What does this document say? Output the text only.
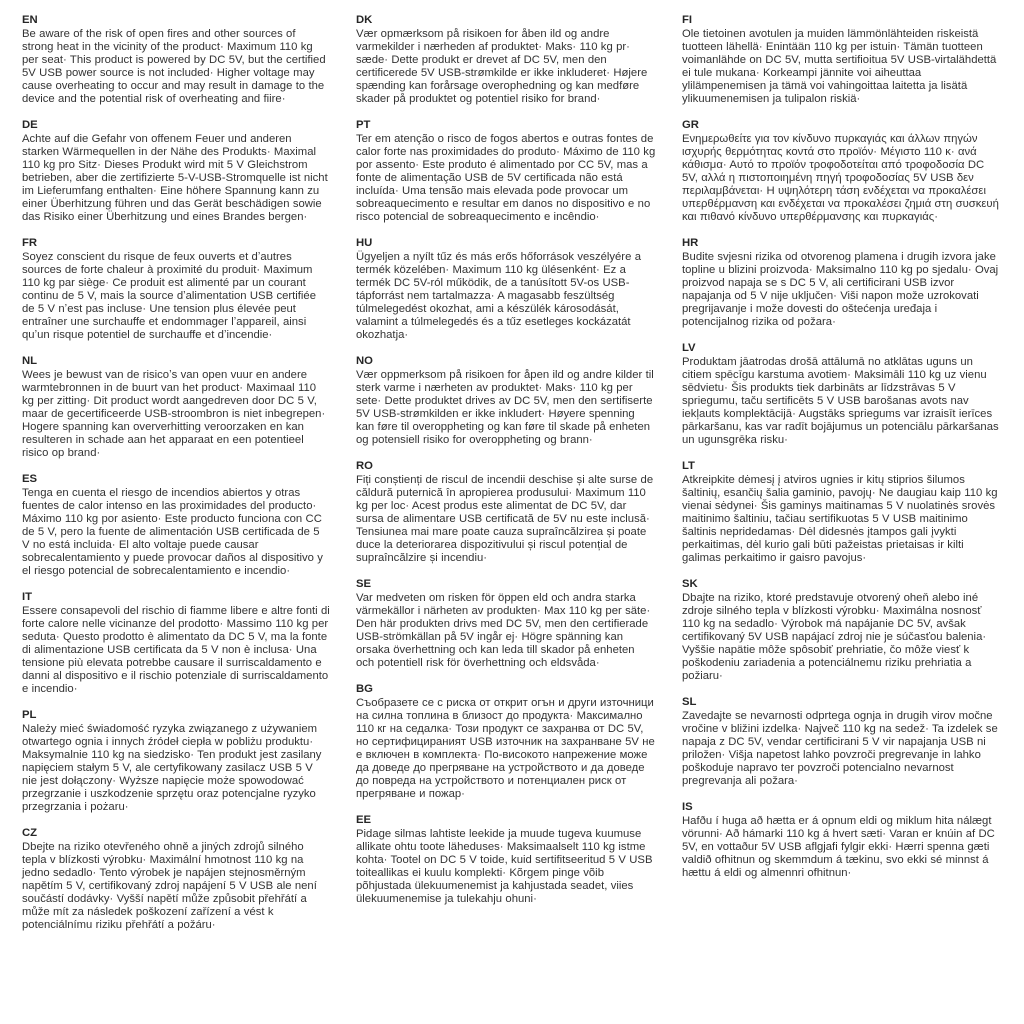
EN
Be aware of the risk of open fires and other sources of strong heat in the vicinity of the product· Maximum 110 kg per seat· This product is powered by DC 5V, but the certified 5V USB power source is not included· Higher voltage may cause overheating to occur and may result in damage to the device and the potential risk of overheating and fiire·
DE
Achte auf die Gefahr von offenem Feuer und anderen starken Wärmequellen in der Nähe des Produkts· Maximal 110 kg pro Sitz· Dieses Produkt wird mit 5 V Gleichstrom betrieben, aber die zertifizierte 5-V-USB-Stromquelle ist nicht im Lieferumfang enthalten· Eine höhere Spannung kann zu einer Überhitzung führen und das Gerät beschädigen sowie das Risiko einer Überhitzung und eines Brandes bergen·
FR
Soyez conscient du risque de feux ouverts et dʼautres sources de forte chaleur à proximité du produit· Maximum 110 kg par siège· Ce produit est alimenté par un courant continu de 5 V, mais la source dʼalimentation USB certifiée de 5 V nʼest pas incluse· Une tension plus élevée peut entraîner une surchauffe et endommager lʼappareil, ainsi quʼun risque potentiel de surchauffe et dʼincendie·
NL
Wees je bewust van de risicoʼs van open vuur en andere warmtebronnen in de buurt van het product· Maximaal 110 kg per zitting· Dit product wordt aangedreven door DC 5 V, maar de gecertificeerde USB-stroombron is niet inbegrepen· Hogere spanning kan oververhitting veroorzaken en kan resulteren in schade aan het apparaat en een potentieel risico op brand·
ES
Tenga en cuenta el riesgo de incendios abiertos y otras fuentes de calor intenso en las proximidades del producto· Máximo 110 kg por asiento· Este producto funciona con CC de 5 V, pero la fuente de alimentación USB certificada de 5 V no está incluida· El alto voltaje puede causar sobrecalentamiento y puede provocar daños al dispositivo y el riesgo potencial de sobrecalentamiento e incendio·
IT
Essere consapevoli del rischio di fiamme libere e altre fonti di forte calore nelle vicinanze del prodotto· Massimo 110 kg per seduta· Questo prodotto è alimentato da DC 5 V, ma la fonte di alimentazione USB certificata da 5 V non è inclusa· Una tensione più elevata potrebbe causare il surriscaldamento e danni al dispositivo e il rischio potenziale di surriscaldamento e incendio·
PL
Należy mieć świadomość ryzyka związanego z używaniem otwartego ognia i innych źródeł ciepła w pobliżu produktu· Maksymalnie 110 kg na siedzisko· Ten produkt jest zasilany napięciem stałym 5 V, ale certyfikowany zasilacz USB 5 V nie jest dołączony· Wyższe napięcie może spowodować przegrzanie i uszkodzenie sprzętu oraz potencjalne ryzyko przegrzania i pożaru·
CZ
Dbejte na riziko otevřeného ohně a jiných zdrojů silného tepla v blízkosti výrobku· Maximální hmotnost 110 kg na jedno sedadlo· Tento výrobek je napájen stejnosměrným napětím 5 V, certifikovaný zdroj napájení 5 V USB ale není součástí dodávky· Vyšší napětí může způsobit přehřátí a může mít za následek poškození zařízení a vést k potenciálnímu riziku přehřátí a požáru·
DK
Vær opmærksom på risikoen for åben ild og andre varmekilder i nærheden af produktet· Maks· 110 kg pr· sæde· Dette produkt er drevet af DC 5V, men den certificerede 5V USB-strømkilde er ikke inkluderet· Højere spænding kan forårsage overophedning og kan medføre skader på produktet og potentiel risiko for brand·
PT
Ter em atenção o risco de fogos abertos e outras fontes de calor forte nas proximidades do produto· Máximo de 110 kg por assento· Este produto é alimentado por CC 5V, mas a fonte de alimentação USB de 5V certificada não está incluída· Uma tensão mais elevada pode provocar um sobreaquecimento e resultar em danos no dispositivo e no risco potencial de sobreaquecimento e incêndio·
HU
Ügyeljen a nyílt tűz és más erős hőforrások veszélyére a termék közelében· Maximum 110 kg ülésenként· Ez a termék DC 5V-ról működik, de a tanúsított 5V-os USB-tápforrást nem tartalmazza· A magasabb feszültség túlmelegedést okozhat, ami a készülék károsodását, valamint a túlmelegedés és a tűz esetleges kockázatát okozhatja·
NO
Vær oppmerksom på risikoen for åpen ild og andre kilder til sterk varme i nærheten av produktet· Maks· 110 kg per sete· Dette produktet drives av DC 5V, men den sertifiserte 5V USB-strømkilden er ikke inkludert· Høyere spenning kan føre til overoppheting og kan føre til skade på enheten og potensiell risiko for overoppheting og brann·
RO
Fiți conștienți de riscul de incendii deschise și alte surse de căldură puternică în apropierea produsului· Maximum 110 kg per loc· Acest produs este alimentat de DC 5V, dar sursa de alimentare USB certificată de 5V nu este inclusă· Tensiunea mai mare poate cauza supraîncălzirea și poate duce la deteriorarea dispozitivului și riscul potențial de supraîncălzire și incendiu·
SE
Var medveten om risken för öppen eld och andra starka värmekällor i närheten av produkten· Max 110 kg per säte· Den här produkten drivs med DC 5V, men den certifierade USB-strömkällan på 5V ingår ej· Högre spänning kan orsaka överhettning och kan leda till skador på enheten och potentiell risk för överhettning och eldsvåda·
BG
Съобразете се с риска от открит огън и други източници на силна топлина в близост до продукта· Максимално 110 кг на седалка· Този продукт се захранва от DC 5V, но сертифицираният USB източник на захранване 5V не е включен в комплекта· По-високото напрежение може да доведе до прегряване на устройството и да доведе до повреда на устройството и потенциален риск от прегряване и пожар·
EE
Pidage silmas lahtiste leekide ja muude tugeva kuumuse allikate ohtu toote läheduses· Maksimaalselt 110 kg istme kohta· Tootel on DC 5 V toide, kuid sertifitseeritud 5 V USB toiteallikas ei kuulu komplekti· Kõrgem pinge võib põhjustada ülekuumenemist ja kahjustada seadet, viies ülekuumenemise ja tulekahju ohuni·
FI
Ole tietoinen avotulen ja muiden lämmönlähteiden riskeistä tuotteen lähellä· Enintään 110 kg per istuin· Tämän tuotteen voimanlähde on DC 5V, mutta sertifioitua 5V USB-virtalähdettä ei tule mukana· Korkeampi jännite voi aiheuttaa ylilämpenemisen ja tämä voi vahingoittaa laitetta ja lisätä ylikuumenemisen ja tulipalon riskiä·
GR
Ενημερωθείτε για τον κίνδυνο πυρκαγιάς και άλλων πηγών ισχυρής θερμότητας κοντά στο προϊόν· Μέγιστο 110 κ· ανά κάθισμα· Αυτό το προϊόν τροφοδοτείται από τροφοδοσία DC 5V, αλλά η πιστοποιημένη πηγή τροφοδοσίας 5V USB δεν περιλαμβάνεται· Η υψηλότερη τάση ενδέχεται να προκαλέσει υπερθέρμανση και ενδέχεται να προκαλέσει ζημιά στη συσκευή και πιθανό κίνδυνο υπερθέρμανσης και πυρκαγιάς·
HR
Budite svjesni rizika od otvorenog plamena i drugih izvora jake topline u blizini proizvoda· Maksimalno 110 kg po sjedalu· Ovaj proizvod napaja se s DC 5 V, ali certificirani USB izvor napajanja od 5 V nije uključen· Viši napon može uzrokovati pregrijavanje i može dovesti do oštećenja uređaja i potencijalnog rizika od požara·
LV
Produktam jāatrodas drošā attālumā no atklātas uguns un citiem spēcīgu karstuma avotiem· Maksimāli 110 kg uz vienu sēdvietu· Šis produkts tiek darbināts ar līdzstrāvas 5 V spriegumu, taču sertificēts 5 V USB barošanas avots nav iekļauts komplektācijā· Augstāks spriegums var izraisīt ierīces pārkaršanu, kas var radīt bojājumus un potenciālu pārkaršanas un ugunsgrēka risku·
LT
Atkreipkite dėmesį į atviros ugnies ir kitų stiprios šilumos šaltinių, esančių šalia gaminio, pavojų· Ne daugiau kaip 110 kg vienai sėdynei· Šis gaminys maitinamas 5 V nuolatinės srovės maitinimo šaltiniu, tačiau sertifikuotas 5 V USB maitinimo šaltinis nepridedamas· Dėl didesnės įtampos gali įvykti perkaitimas, dėl kurio gali būti pažeistas prietaisas ir kilti galimas perkaitimo ir gaisro pavojus·
SK
Dbajte na riziko, ktoré predstavuje otvorený oheň alebo iné zdroje silného tepla v blízkosti výrobku· Maximálna nosnosť 110 kg na sedadlo· Výrobok má napájanie DC 5V, avšak certifikovaný 5V USB napájací zdroj nie je súčasťou balenia· Vyššie napätie môže spôsobiť prehriatie, čo môže viesť k poškodeniu zariadenia a potenciálnemu riziku prehriatia a požiaru·
SL
Zavedajte se nevarnosti odprtega ognja in drugih virov močne vročine v bližini izdelka· Največ 110 kg na sedež· Ta izdelek se napaja z DC 5V, vendar certificirani 5 V vir napajanja USB ni priložen· Višja napetost lahko povzroči pregrevanje in lahko poškoduje napravo ter povzroči potencialno nevarnost pregrevanja ali požara·
IS
Hafðu í huga að hætta er á opnum eldi og miklum hita nálægt vörunni· Að hámarki 110 kg á hvert sæti· Varan er knúin af DC 5V, en vottaður 5V USB aflgjafi fylgir ekki· Hærri spenna gæti valdið ofhitnun og skemmdum á tækinu, svo ekki sé minnst á hættu á eldi og almennri ofhitnun·
